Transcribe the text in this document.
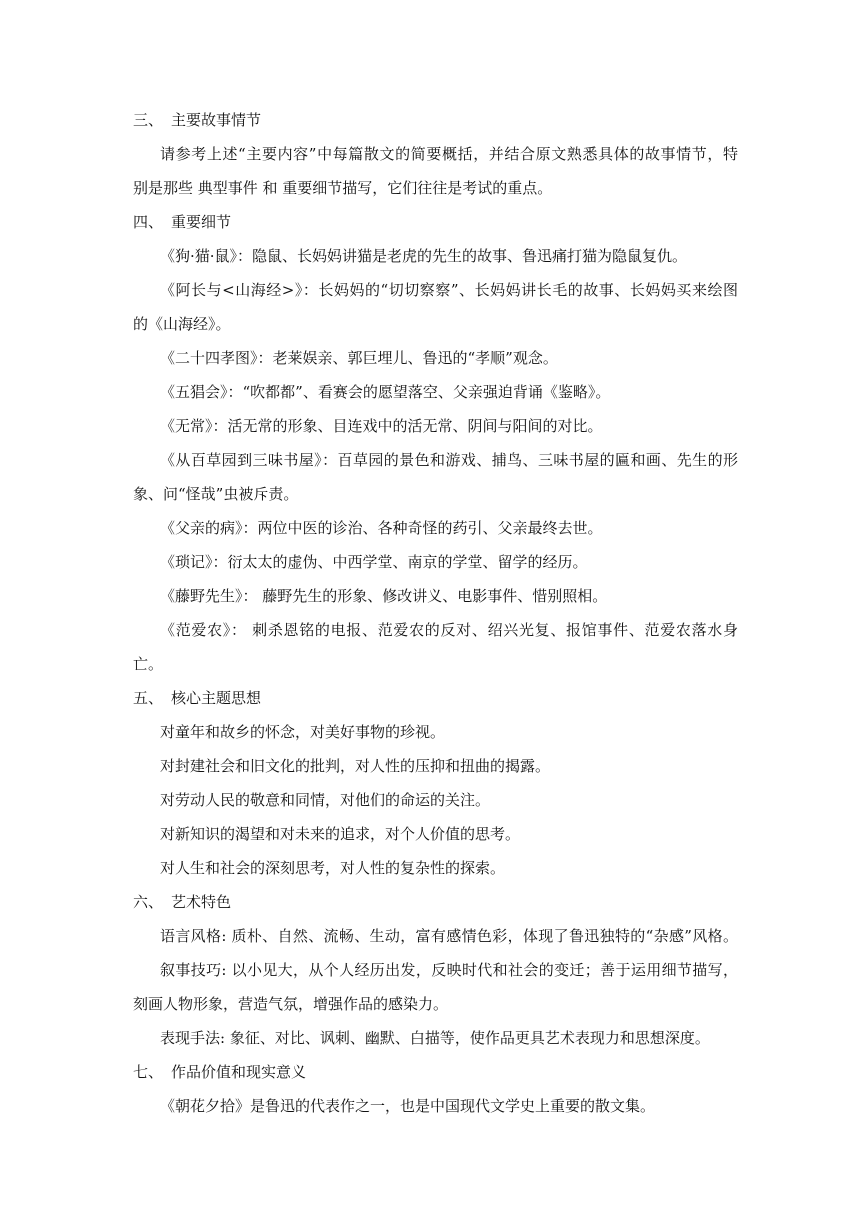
三、 主要故事情节
请参考上述“主要内容”中每篇散文的简要概括，并结合原文熟悉具体的故事情节，特
别是那些 典型事件 和 重要细节描写，它们往往是考试的重点。
四、 重要细节
《狗·猫·鼠》：隐鼠、长妈妈讲猫是老虎的先生的故事、鲁迅痛打猫为隐鼠复仇。
《阿长与<山海经>》：长妈妈的“切切察察”、长妈妈讲长毛的故事、长妈妈买来绘图
的《山海经》。
《二十四孝图》：老莱娱亲、郭巨埋儿、鲁迅的“孝顺”观念。
《五猖会》：“吹都都”、看赛会的愿望落空、父亲强迫背诵《鉴略》。
《无常》：活无常的形象、目连戏中的活无常、阴间与阳间的对比。
《从百草园到三味书屋》：百草园的景色和游戏、捕鸟、三味书屋的匾和画、先生的形
象、问“怪哉”虫被斥责。
《父亲的病》：两位中医的诊治、各种奇怪的药引、父亲最终去世。
《琐记》：衍太太的虚伪、中西学堂、南京的学堂、留学的经历。
《藤野先生》： 藤野先生的形象、修改讲义、电影事件、惜别照相。
《范爱农》： 刺杀恩铭的电报、范爱农的反对、绍兴光复、报馆事件、范爱农落水身
亡。
五、 核心主题思想
对童年和故乡的怀念，对美好事物的珍视。
对封建社会和旧文化的批判，对人性的压抑和扭曲的揭露。
对劳动人民的敬意和同情，对他们的命运的关注。
对新知识的渴望和对未来的追求，对个人价值的思考。
对人生和社会的深刻思考，对人性的复杂性的探索。
六、 艺术特色
语言风格: 质朴、自然、流畅、生动，富有感情色彩，体现了鲁迅独特的“杂感”风格。
叙事技巧: 以小见大，从个人经历出发，反映时代和社会的变迁；善于运用细节描写，
刻画人物形象，营造气氛，增强作品的感染力。
表现手法: 象征、对比、讽刺、幽默、白描等，使作品更具艺术表现力和思想深度。
七、 作品价值和现实意义
《朝花夕拾》是鲁迅的代表作之一，也是中国现代文学史上重要的散文集。
